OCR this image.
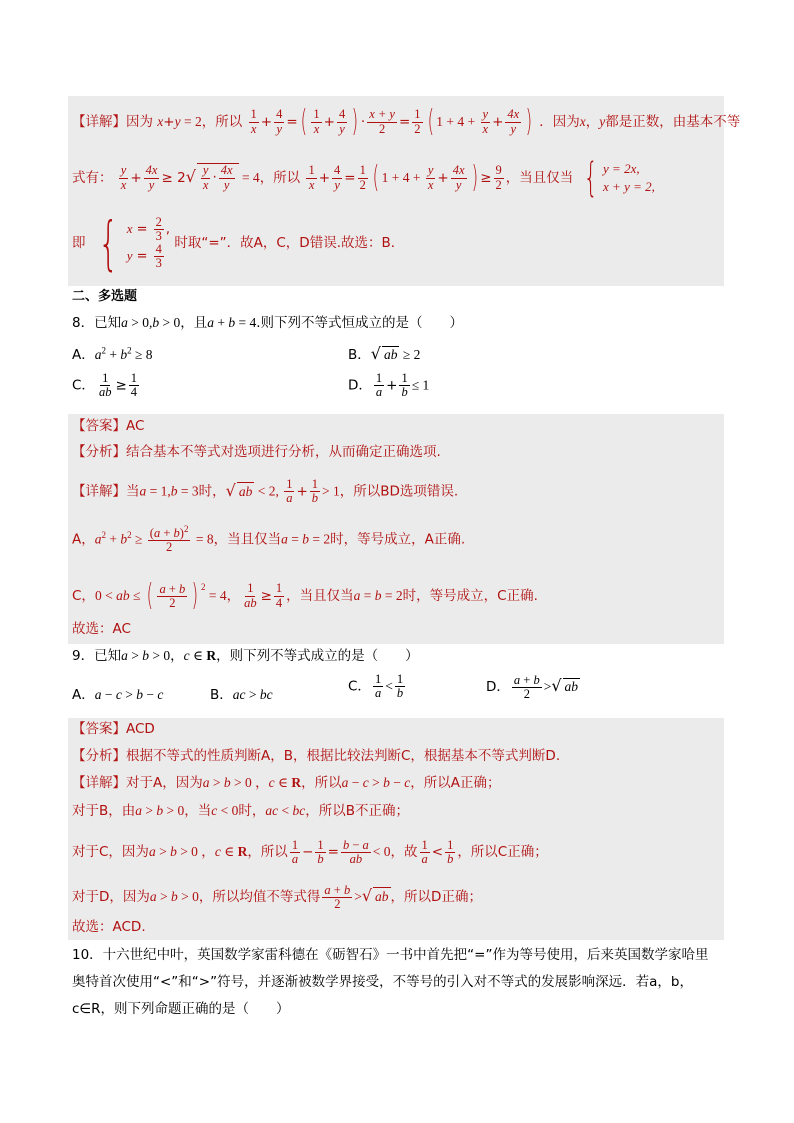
【详解】因为 x+y = 2，所以 $\frac{1}{x} + \frac{4}{y}$ =( $\frac{1}{x} + \frac{4}{y}$ ) · $\frac{x + y}{2} = \frac{1}{2}$ ( $1 + 4 + \frac{y}{x} + \frac{4x}{y}$ ) ．因为x，y都是正数，由基本不等
式有： $\frac{y}{x} + \frac{4x}{y} \ge 2√ \frac{y}{x} \cdot \frac{4x}{y} = 4$，所以 $\frac{1}{x} + \frac{4}{y} = \frac{1}{2}$ ( $1 + 4 + \frac{y}{x} + \frac{4x}{y}$ ) ≥ $\frac{9}{2}$ ，当且仅当 { y = 2x,
x + y = 2,
即 { $x = \frac{2}{3}$ ,
$y = \frac{4}{3}$ 时取“=”．故A，C，D错误.故选：B．
二、多选题
8．已知a > 0,b > 0，且a + b = 4.则下列不等式恒成立的是（　　）
A．$a^2 + b^2 \ge 8$	B．√ ab ≥ 2
C． $\frac{1}{ab} \ge \frac{1}{4}$	D． $\frac{1}{a} + \frac{1}{b} \le 1$
【答案】AC
【分析】结合基本不等式对选项进行分析，从而确定正确选项.
【详解】当a = 1,b = 3时，√ ab < 2, $\frac{1}{a} + \frac{1}{b} > 1$，所以BD选项错误.
A，$a^2 + b^2 \ge \frac{(a + b)^2}{2} = 8$，当且仅当a = b = 2时，等号成立，A正确.
C，0 < ab ≤ ( $\frac{a + b}{2}$ ) $^2$ = 4， $\frac{1}{ab} \ge \frac{1}{4}$ ，当且仅当a = b = 2时，等号成立，C正确.
故选：AC
9．已知a > b > 0，c ∈ R，则下列不等式成立的是（　　）
A．a − c > b − c	B．ac > bc	C． $\frac{1}{a} < \frac{1}{b}$	D． $\frac{a + b}{2}$ >√ ab
【答案】ACD
【分析】根据不等式的性质判断A，B，根据比较法判断C，根据基本不等式判断D.
【详解】对于A，因为a > b > 0 ，c ∈ R，所以a − c > b − c，所以A正确；
对于B，由a > b > 0，当c < 0时，ac < bc，所以B不正确；
对于C，因为a > b > 0 ，c ∈ R，所以 $\frac{1}{a} - \frac{1}{b} = \frac{b - a}{ab} < 0$，故 $\frac{1}{a} < \frac{1}{b}$ ，所以C正确；
对于D，因为a > b > 0，所以均值不等式得 $\frac{a + b}{2}$ >√ ab ，所以D正确；
故选：ACD.
10．十六世纪中叶，英国数学家雷科德在《砺智石》一书中首先把“=”作为等号使用，后来英国数学家哈里
奥特首次使用“<”和“>”符号，并逐渐被数学界接受，不等号的引入对不等式的发展影响深远．若a，b，
c∈R，则下列命题正确的是（　　）
